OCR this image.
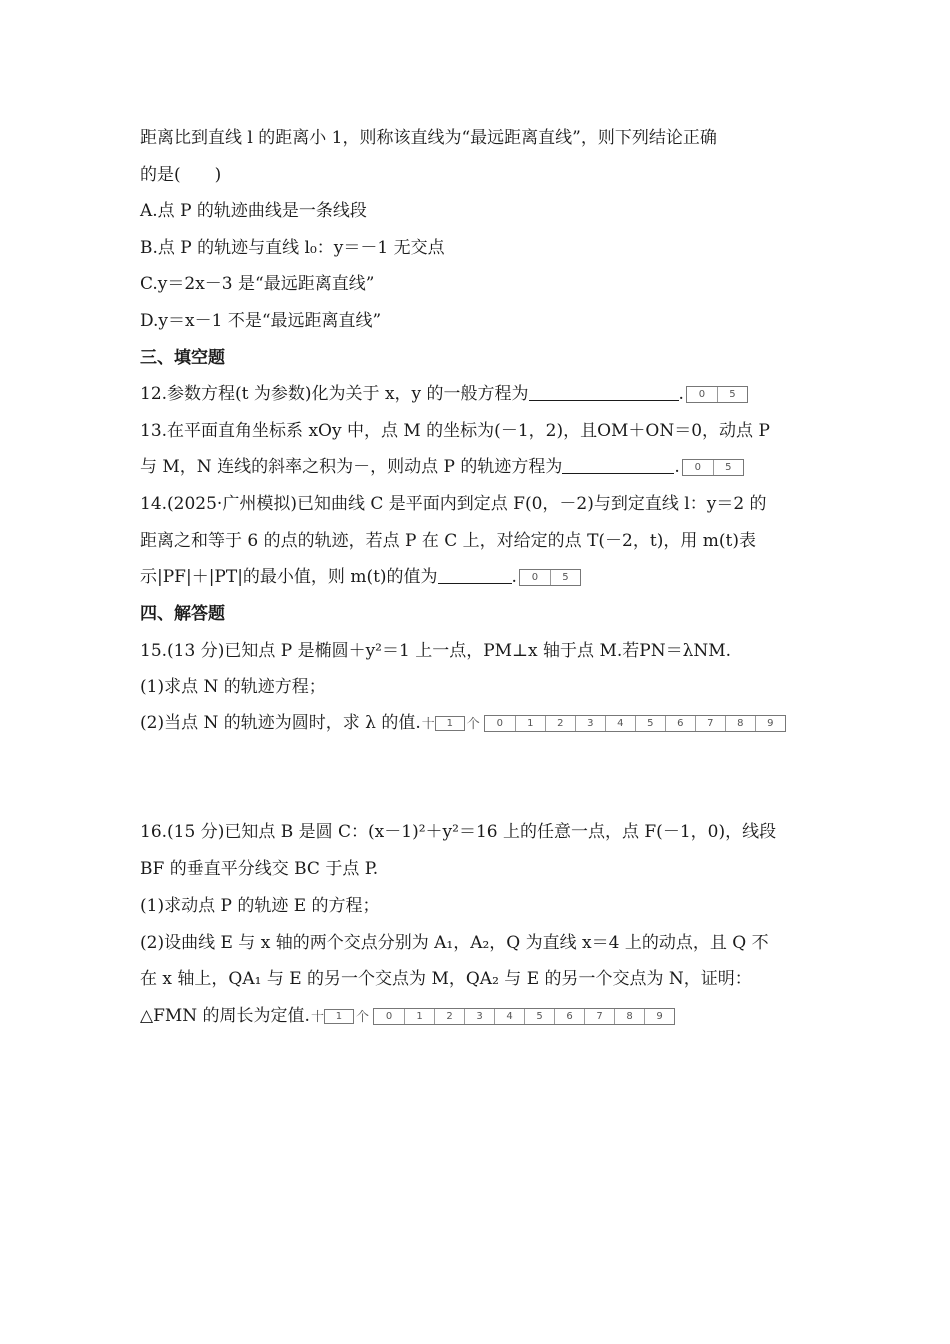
距离比到直线 l 的距离小 1，则称该直线为“最远距离直线”，则下列结论正确
的是(　　)
A.点 P 的轨迹曲线是一条线段
B.点 P 的轨迹与直线 l₀：y＝－1 无交点
C.y＝2x－3 是“最远距离直线”
D.y＝x－1 不是“最远距离直线”
三、填空题
12.参数方程(t 为参数)化为关于 x，y 的一般方程为	.	0	5
13.在平面直角坐标系 xOy 中，点 M 的坐标为(－1，2)，且OM＋ON＝0，动点 P
与 M，N 连线的斜率之积为－，则动点 P 的轨迹方程为	.	0	5
14.(2025·广州模拟)已知曲线 C 是平面内到定点 F(0，－2)与到定直线 l：y＝2 的
距离之和等于 6 的点的轨迹，若点 P 在 C 上，对给定的点 T(－2，t)，用 m(t)表
示|PF|＋|PT|的最小值，则 m(t)的值为	.	0	5
四、解答题
15.(13 分)已知点 P 是椭圆＋y²＝1 上一点，PM⊥x 轴于点 M.若PN＝λNM.
(1)求点 N 的轨迹方程；
(2)当点 N 的轨迹为圆时，求 λ 的值.十 1 个	0	1	2	3	4	5	6	7	8	9
16.(15 分)已知点 B 是圆 C：(x－1)²＋y²＝16 上的任意一点，点 F(－1，0)，线段
BF 的垂直平分线交 BC 于点 P.
(1)求动点 P 的轨迹 E 的方程；
(2)设曲线 E 与 x 轴的两个交点分别为 A₁，A₂，Q 为直线 x＝4 上的动点，且 Q 不
在 x 轴上，QA₁ 与 E 的另一个交点为 M，QA₂ 与 E 的另一个交点为 N，证明：
△FMN 的周长为定值.十 1 个	0	1	2	3	4	5	6	7	8	9
